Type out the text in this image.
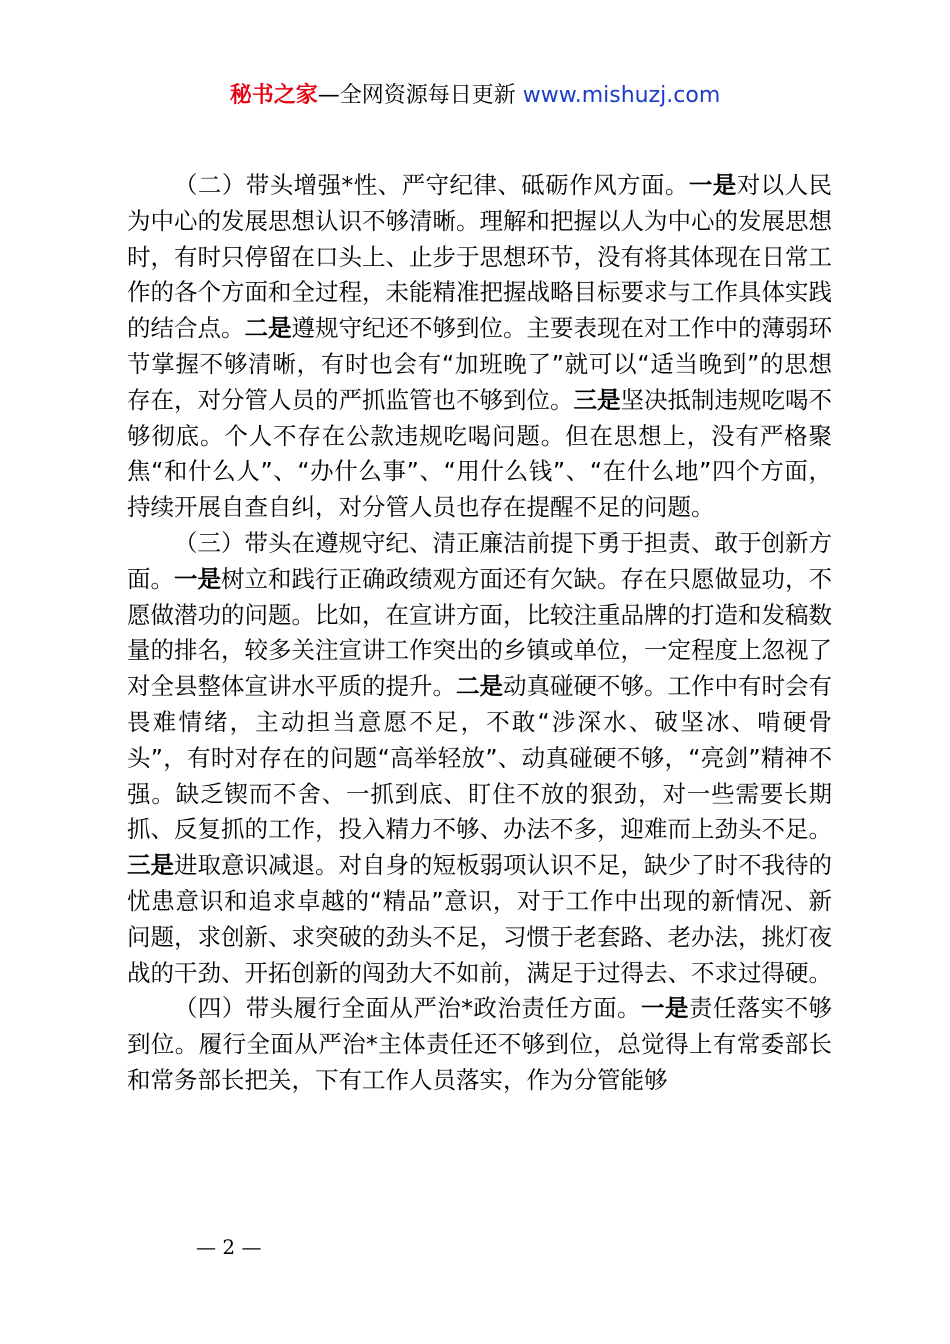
秘书之家—全网资源每日更新 www.mishuzj.com

（二）带头增强*性、严守纪律、砥砺作风方面。一是对以人民为中心的发展思想认识不够清晰。理解和把握以人为中心的发展思想时，有时只停留在口头上、止步于思想环节，没有将其体现在日常工作的各个方面和全过程，未能精准把握战略目标要求与工作具体实践的结合点。二是遵规守纪还不够到位。主要表现在对工作中的薄弱环节掌握不够清晰，有时也会有“加班晚了”就可以“适当晚到”的思想存在，对分管人员的严抓监管也不够到位。三是坚决抵制违规吃喝不够彻底。个人不存在公款违规吃喝问题。但在思想上，没有严格聚焦“和什么人”、“办什么事”、“用什么钱”、“在什么地”四个方面，持续开展自查自纠，对分管人员也存在提醒不足的问题。

（三）带头在遵规守纪、清正廉洁前提下勇于担责、敢于创新方面。一是树立和践行正确政绩观方面还有欠缺。存在只愿做显功，不愿做潜功的问题。比如，在宣讲方面，比较注重品牌的打造和发稿数量的排名，较多关注宣讲工作突出的乡镇或单位，一定程度上忽视了对全县整体宣讲水平质的提升。二是动真碰硬不够。工作中有时会有畏难情绪，主动担当意愿不足，不敢“涉深水、破坚冰、啃硬骨头”，有时对存在的问题“高举轻放”、动真碰硬不够，“亮剑”精神不强。缺乏锲而不舍、一抓到底、盯住不放的狠劲，对一些需要长期抓、反复抓的工作，投入精力不够、办法不多，迎难而上劲头不足。三是进取意识减退。对自身的短板弱项认识不足，缺少了时不我待的忧患意识和追求卓越的“精品”意识，对于工作中出现的新情况、新问题，求创新、求突破的劲头不足，习惯于老套路、老办法，挑灯夜战的干劲、开拓创新的闯劲大不如前，满足于过得去、不求过得硬。

（四）带头履行全面从严治*政治责任方面。一是责任落实不够到位。履行全面从严治*主体责任还不够到位，总觉得上有常委部长和常务部长把关，下有工作人员落实，作为分管能够

— 2 —
